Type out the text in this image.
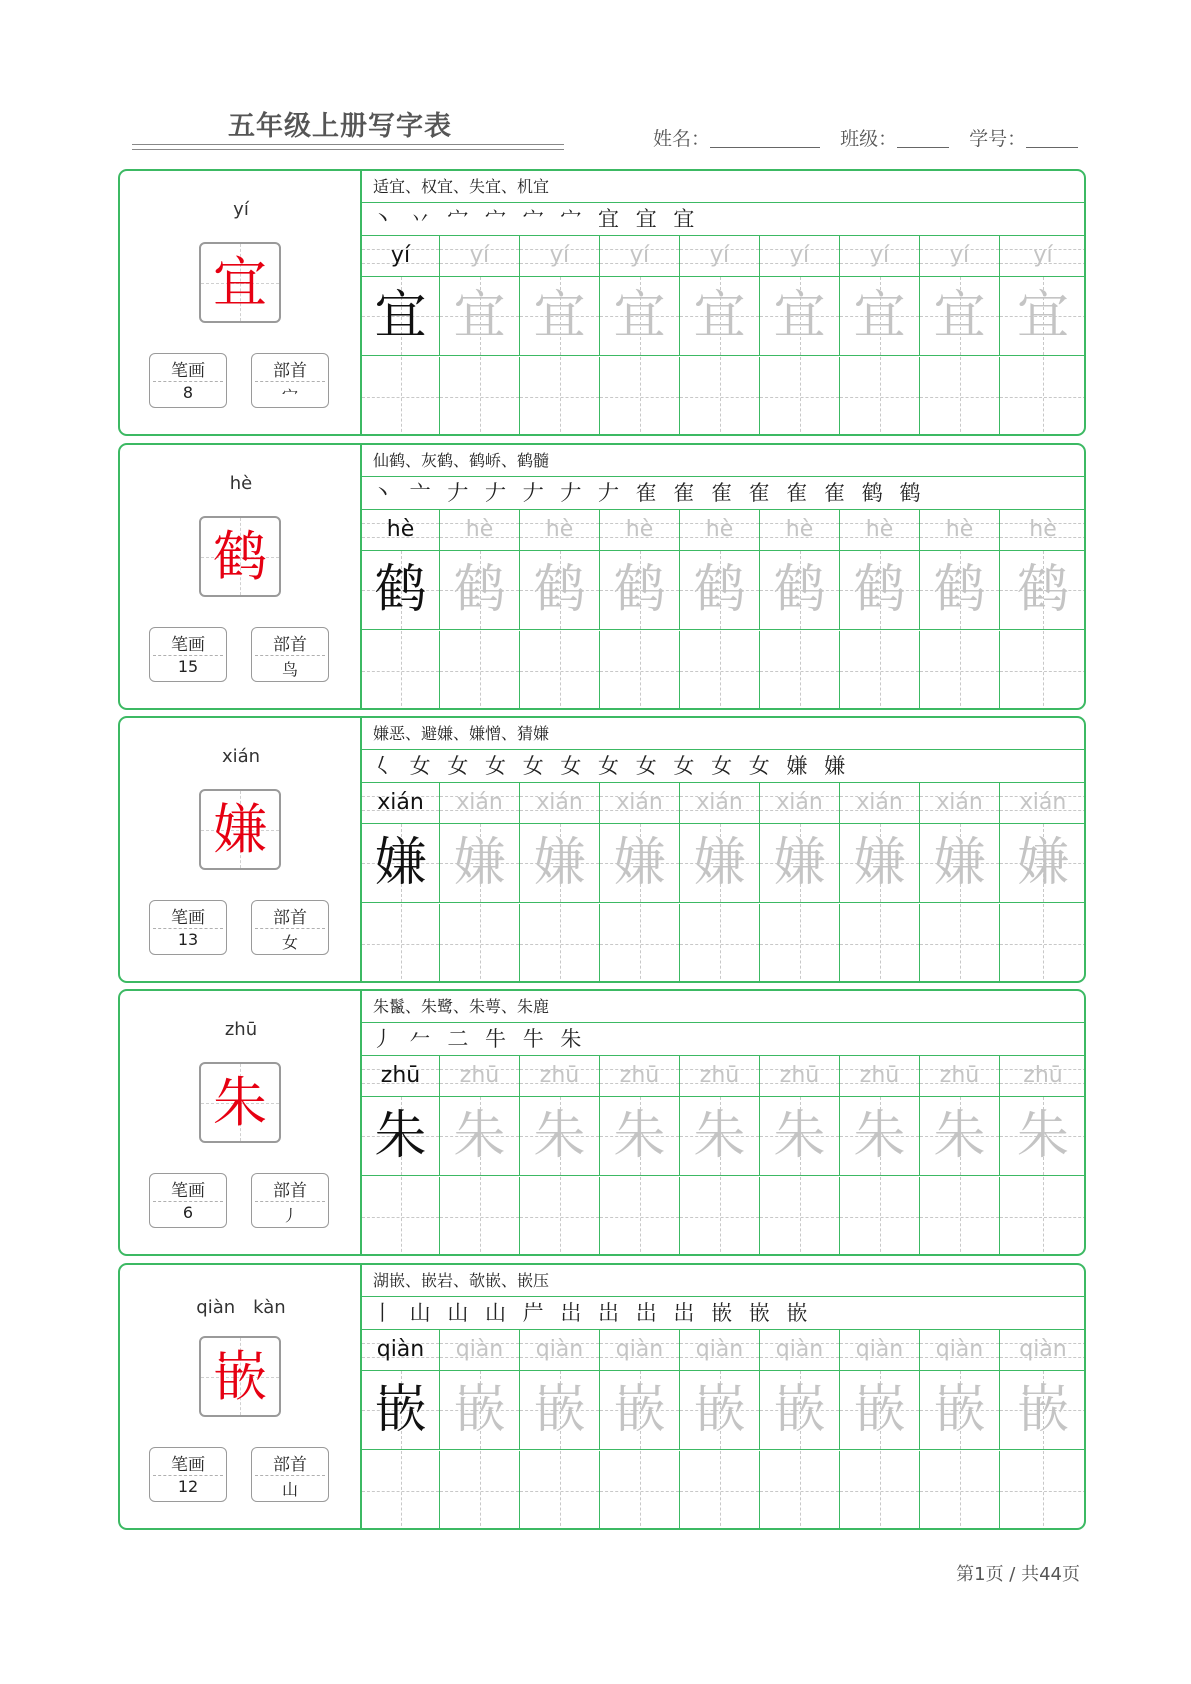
五年级上册写字表	姓名：	班级：	学号：
yí
宜
笔画
8
部首
宀
适宜、权宜、失宜、机宜
丶 丷 宀 宀 宀 宀 宜 宜 宜
yí
宜
yí
宜
yí
宜
yí
宜
yí
宜
yí
宜
yí
宜
yí
宜
yí
宜
hè
鹤
笔画
15
部首
鸟
仙鹤、灰鹤、鹤峤、鹤髓
丶 亠 𠂇 𠂇 𠂇 𠂇 𠂇 隺 隺 隺 隺 隺 隺 鹤 鹤
hè
鹤
hè
鹤
hè
鹤
hè
鹤
hè
鹤
hè
鹤
hè
鹤
hè
鹤
hè
鹤
xián
嫌
笔画
13
部首
女
嫌恶、避嫌、嫌憎、猜嫌
𡿨 女 女 女 女 女 女 女 女 女 女 嫌 嫌
xián
嫌
xián
嫌
xián
嫌
xián
嫌
xián
嫌
xián
嫌
xián
嫌
xián
嫌
xián
嫌
zhū
朱
笔画
6
部首
丿
朱鬣、朱鹭、朱萼、朱鹿
丿 𠂉 二 牛 牛 朱
zhū
朱
zhū
朱
zhū
朱
zhū
朱
zhū
朱
zhū
朱
zhū
朱
zhū
朱
zhū
朱
qiàn　kàn
嵌
笔画
12
部首
山
湖嵌、嵌岩、欹嵌、嵌压
丨 山 山 山 屵 岀 岀 岀 岀 嵌 嵌 嵌
qiàn
嵌
qiàn
嵌
qiàn
嵌
qiàn
嵌
qiàn
嵌
qiàn
嵌
qiàn
嵌
qiàn
嵌
qiàn
嵌
第1页 / 共44页
